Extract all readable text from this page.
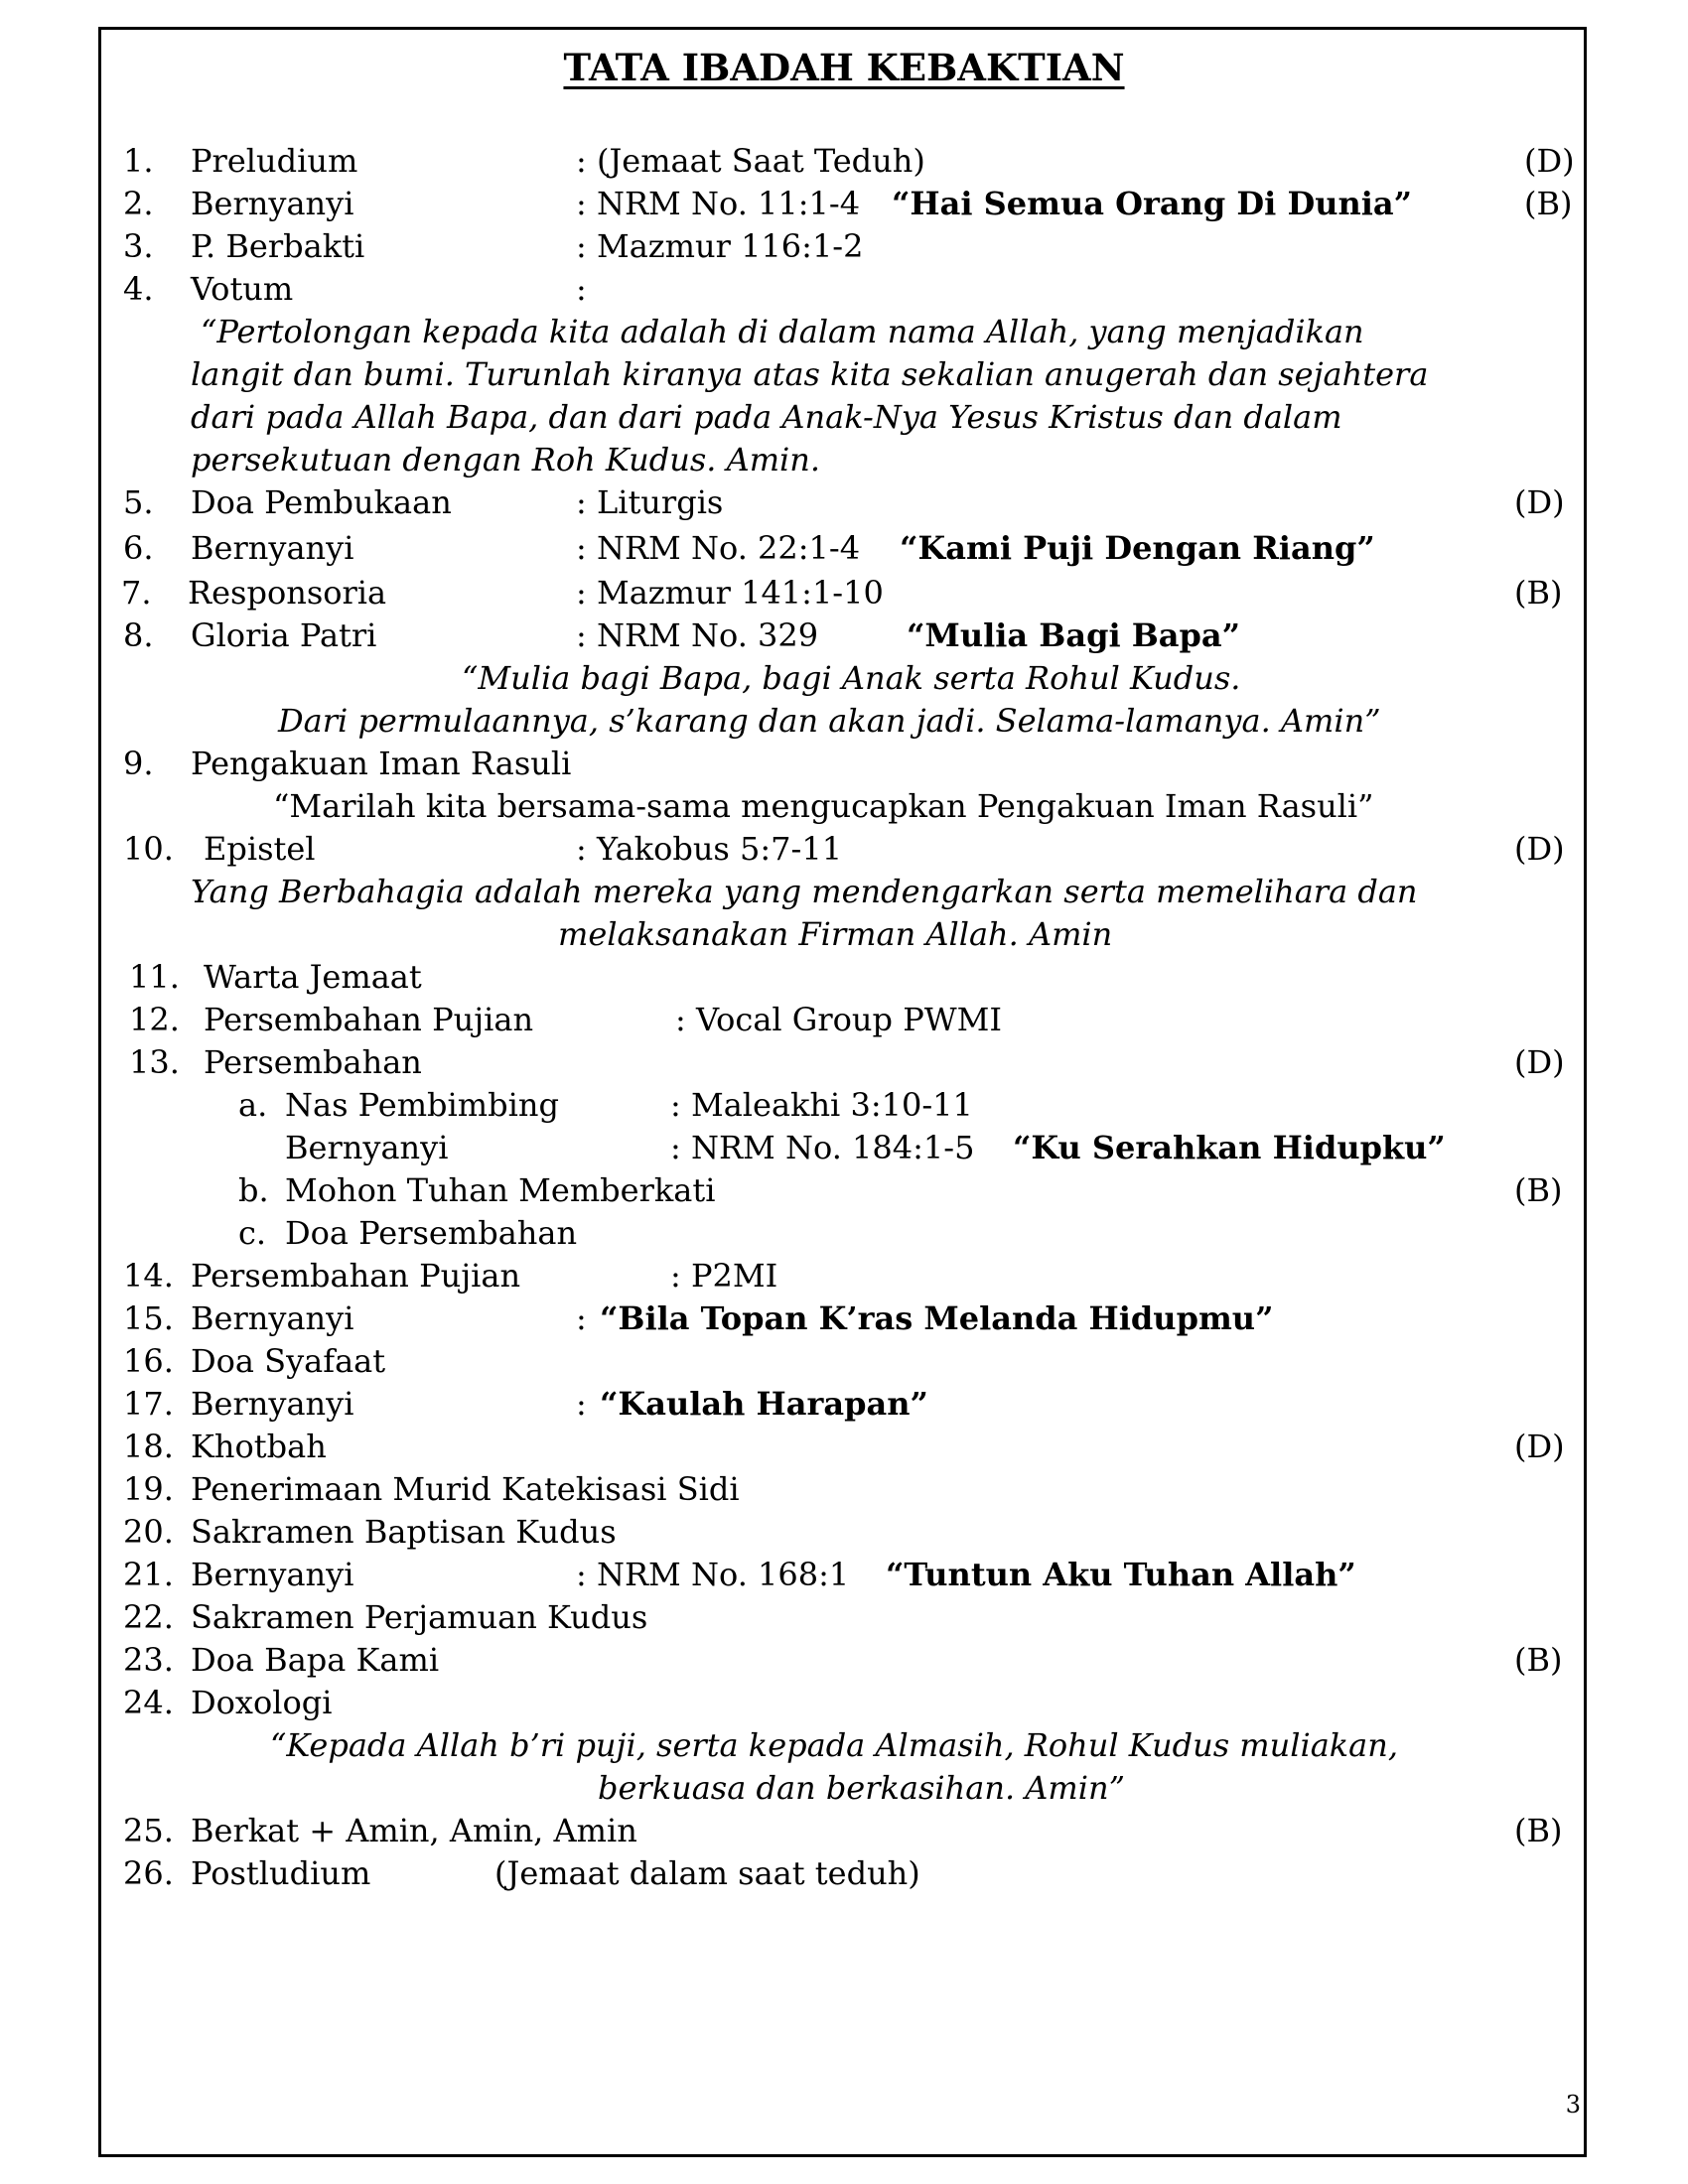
TATA IBADAH KEBAKTIAN
1. Preludium	: (Jemaat Saat Teduh)	(D)
2. Bernyanyi	: NRM No. 11:1-4 “Hai Semua Orang Di Dunia”	(B)
3. P. Berbakti	: Mazmur 116:1-2
4. Votum	:
“Pertolongan kepada kita adalah di dalam nama Allah, yang menjadikan
langit dan bumi. Turunlah kiranya atas kita sekalian anugerah dan sejahtera
dari pada Allah Bapa, dan dari pada Anak-Nya Yesus Kristus dan dalam
persekutuan dengan Roh Kudus. Amin.
5. Doa Pembukaan	: Liturgis	(D)
6. Bernyanyi	: NRM No. 22:1-4 “Kami Puji Dengan Riang”
7. Responsoria	: Mazmur 141:1-10	(B)
8. Gloria Patri	: NRM No. 329	“Mulia Bagi Bapa”
“Mulia bagi Bapa, bagi Anak serta Rohul Kudus.
Dari permulaannya, s’karang dan akan jadi. Selama-lamanya. Amin”
9. Pengakuan Iman Rasuli
“Marilah kita bersama-sama mengucapkan Pengakuan Iman Rasuli”
10. Epistel	: Yakobus 5:7-11	(D)
Yang Berbahagia adalah mereka yang mendengarkan serta memelihara dan
melaksanakan Firman Allah. Amin
11. Warta Jemaat
12. Persembahan Pujian	: Vocal Group PWMI
13. Persembahan	(D)
a. Nas Pembimbing	: Maleakhi 3:10-11
Bernyanyi	: NRM No. 184:1-5 “Ku Serahkan Hidupku”
b. Mohon Tuhan Memberkati	(B)
c. Doa Persembahan
14. Persembahan Pujian	: P2MI
15. Bernyanyi	: “Bila Topan K’ras Melanda Hidupmu”
16. Doa Syafaat
17. Bernyanyi	: “Kaulah Harapan”
18. Khotbah	(D)
19. Penerimaan Murid Katekisasi Sidi
20. Sakramen Baptisan Kudus
21. Bernyanyi	: NRM No. 168:1 “Tuntun Aku Tuhan Allah”
22. Sakramen Perjamuan Kudus
23. Doa Bapa Kami	(B)
24. Doxologi
“Kepada Allah b’ri puji, serta kepada Almasih, Rohul Kudus muliakan,
berkuasa dan berkasihan. Amin”
25. Berkat + Amin, Amin, Amin	(B)
26. Postludium	(Jemaat dalam saat teduh)
3
